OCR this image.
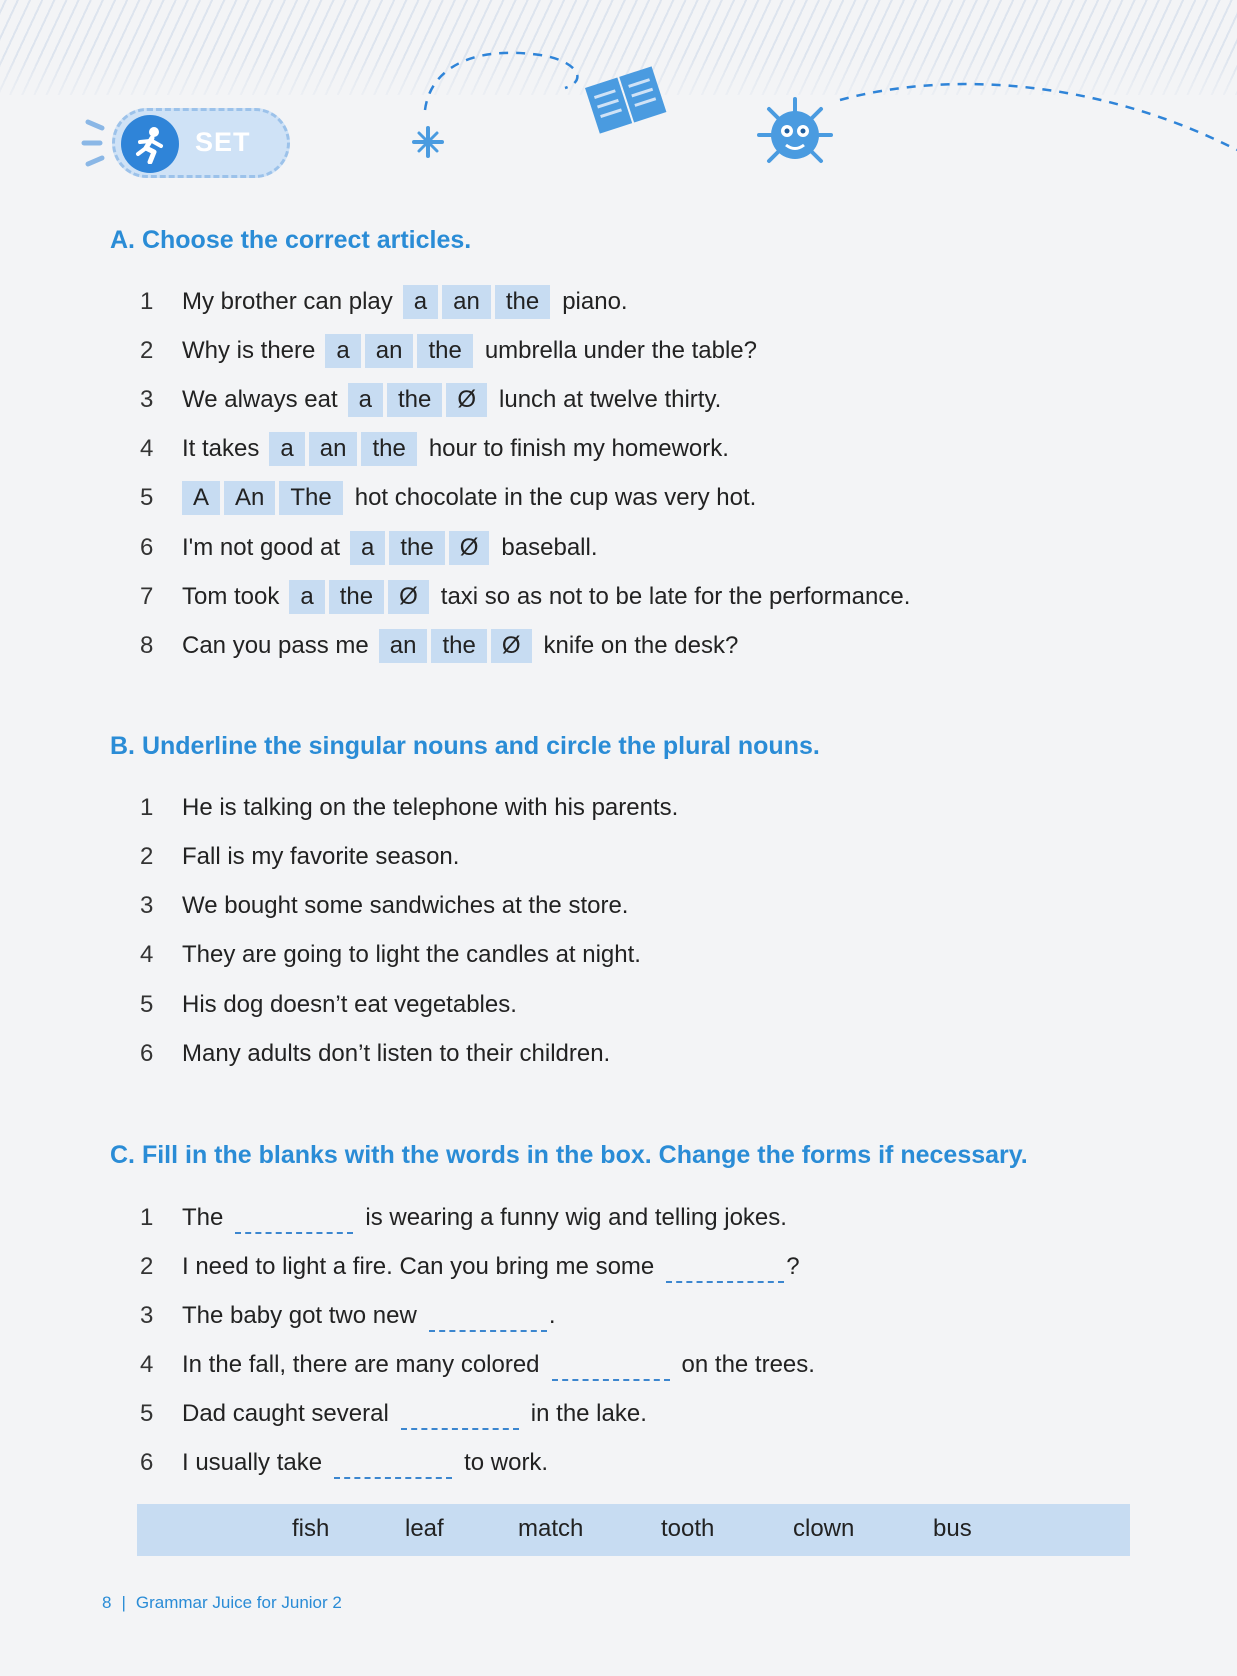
SET
A. Choose the correct articles.
1	My brother can play a	an	the piano.
2	Why is there a	an	the umbrella under the table?
3	We always eat a	the	Ø lunch at twelve thirty.
4	It takes a	an	the hour to finish my homework.
5	A	An	The hot chocolate in the cup was very hot.
6	I'm not good at a	the	Ø baseball.
7	Tom took a	the	Ø taxi so as not to be late for the performance.
8	Can you pass me an	the	Ø knife on the desk?
B. Underline the singular nouns and circle the plural nouns.
1	He is talking on the telephone with his parents.
2	Fall is my favorite season.
3	We bought some sandwiches at the store.
4	They are going to light the candles at night.
5	His dog doesn’t eat vegetables.
6	Many adults don’t listen to their children.
C. Fill in the blanks with the words in the box. Change the forms if necessary.
1	The	is wearing a funny wig and telling jokes.
2	I need to light a fire. Can you bring me some	?
3	The baby got two new	.
4	In the fall, there are many colored	on the trees.
5	Dad caught several	in the lake.
6	I usually take	to work.
fish	leaf	match	tooth	clown	bus
8 | Grammar Juice for Junior 2
